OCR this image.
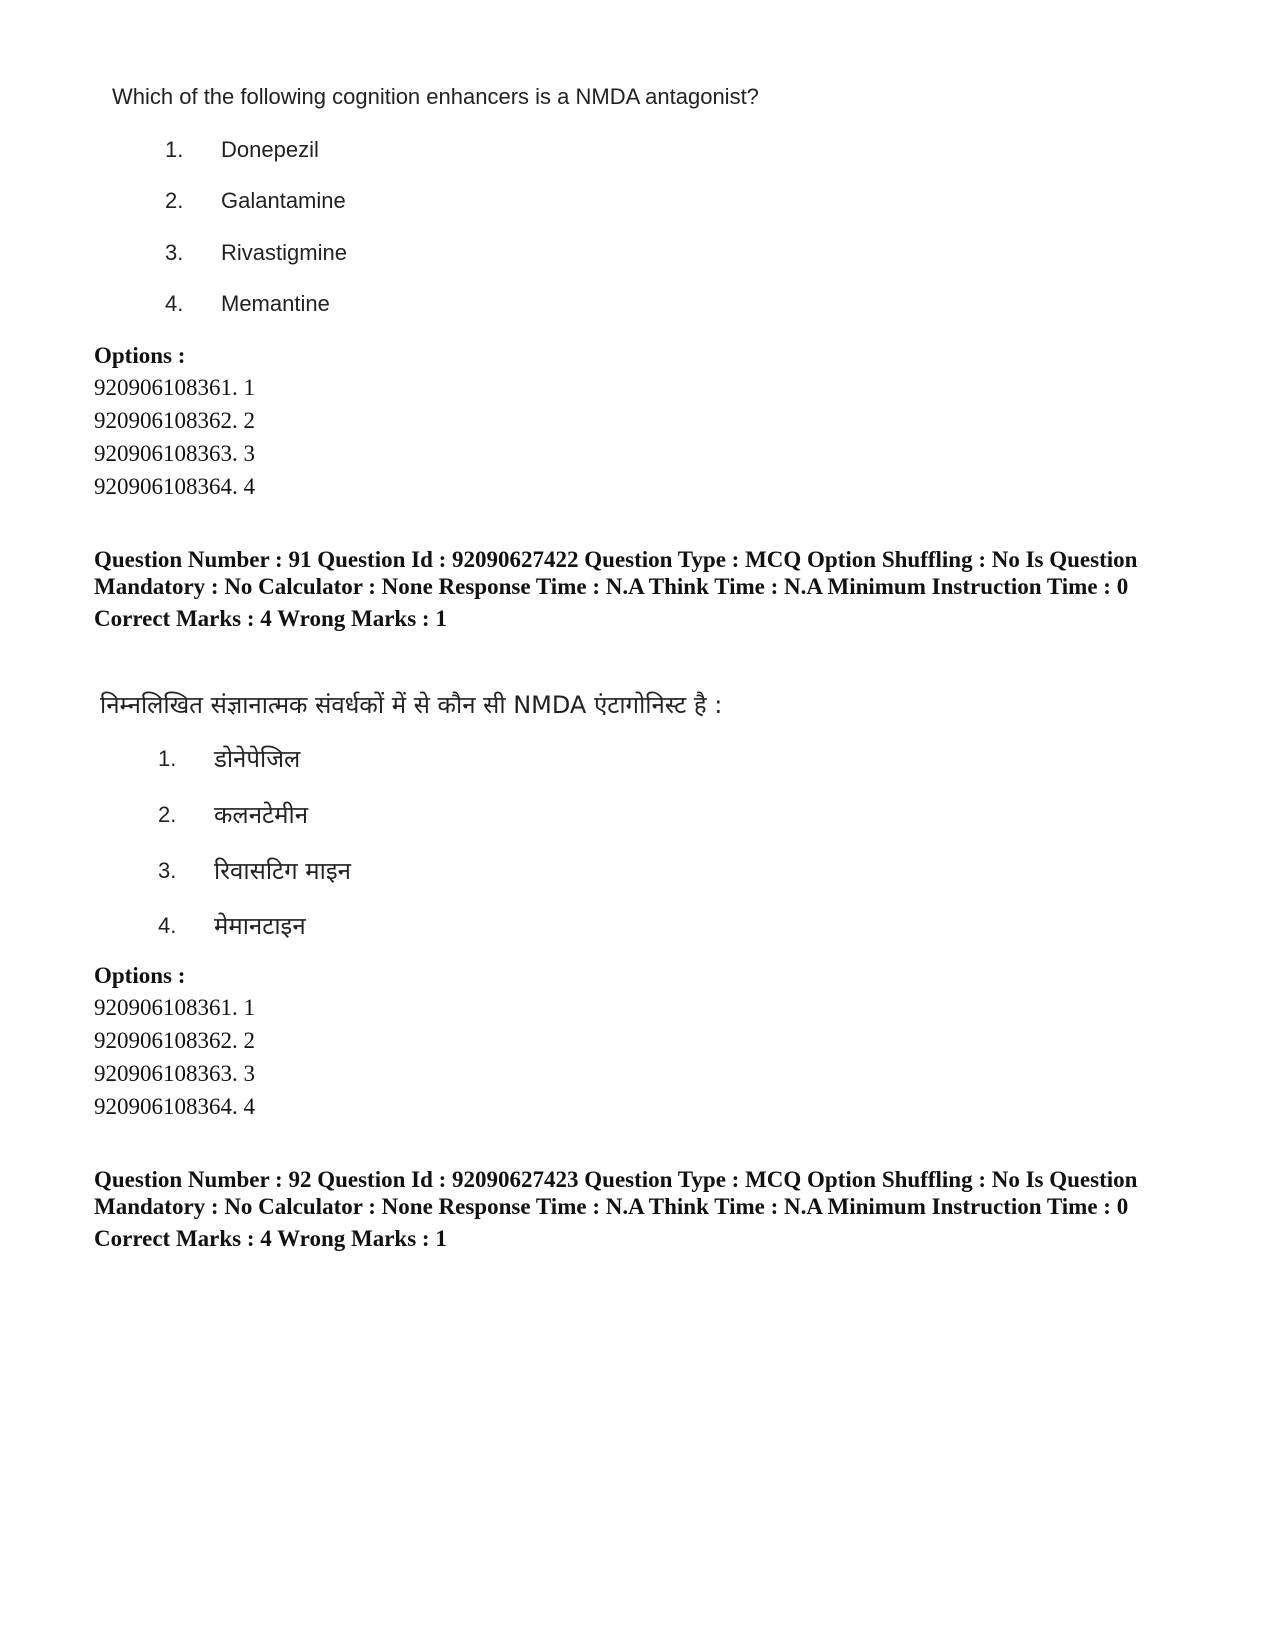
Which of the following cognition enhancers is a NMDA antagonist?

1.	Donepezil
2.	Galantamine
3.	Rivastigmine
4.	Memantine
Options :
920906108361. 1
920906108362. 2
920906108363. 3
920906108364. 4
Question Number : 91 Question Id : 92090627422 Question Type : MCQ Option Shuffling : No Is Question Mandatory : No Calculator : None Response Time : N.A Think Time : N.A Minimum Instruction Time : 0
Correct Marks : 4 Wrong Marks : 1

निम्नलिखित संज्ञानात्मक संवर्धकों में से कौन सी NMDA एंटागोनिस्ट है :

1.	डोनेपेजिल
2.	कलनटेमीन
3.	रिवासटिग माइन
4.	मेमानटाइन
Options :
920906108361. 1
920906108362. 2
920906108363. 3
920906108364. 4
Question Number : 92 Question Id : 92090627423 Question Type : MCQ Option Shuffling : No Is Question Mandatory : No Calculator : None Response Time : N.A Think Time : N.A Minimum Instruction Time : 0
Correct Marks : 4 Wrong Marks : 1
